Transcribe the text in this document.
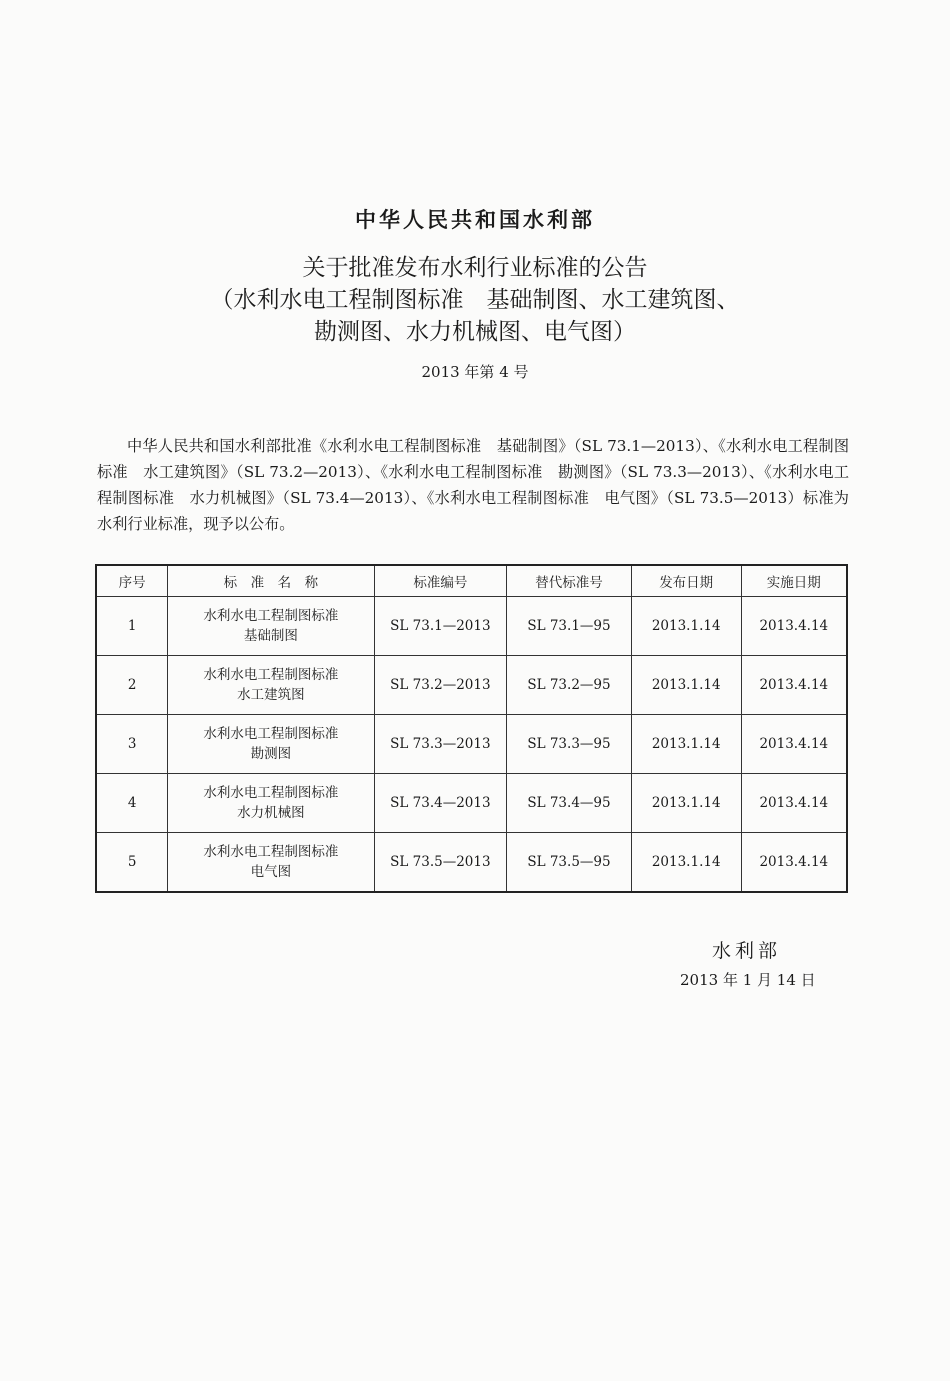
中华人民共和国水利部
关于批准发布水利行业标准的公告
（水利水电工程制图标准　基础制图、水工建筑图、
勘测图、水力机械图、电气图）
2013 年第 4 号
中华人民共和国水利部批准《水利水电工程制图标准　基础制图》（SL 73.1—2013）、《水利水电工程制图标准　水工建筑图》（SL 73.2—2013）、《水利水电工程制图标准　勘测图》（SL 73.3—2013）、《水利水电工程制图标准　水力机械图》（SL 73.4—2013）、《水利水电工程制图标准　电气图》（SL 73.5—2013）标准为水利行业标准，现予以公布。
序号	标　准　名　称	标准编号	替代标准号	发布日期	实施日期
1	水利水电工程制图标准
基础制图	SL 73.1—2013	SL 73.1—95	2013.1.14	2013.4.14
2	水利水电工程制图标准
水工建筑图	SL 73.2—2013	SL 73.2—95	2013.1.14	2013.4.14
3	水利水电工程制图标准
勘测图	SL 73.3—2013	SL 73.3—95	2013.1.14	2013.4.14
4	水利水电工程制图标准
水力机械图	SL 73.4—2013	SL 73.4—95	2013.1.14	2013.4.14
5	水利水电工程制图标准
电气图	SL 73.5—2013	SL 73.5—95	2013.1.14	2013.4.14
水利部
2013 年 1 月 14 日
